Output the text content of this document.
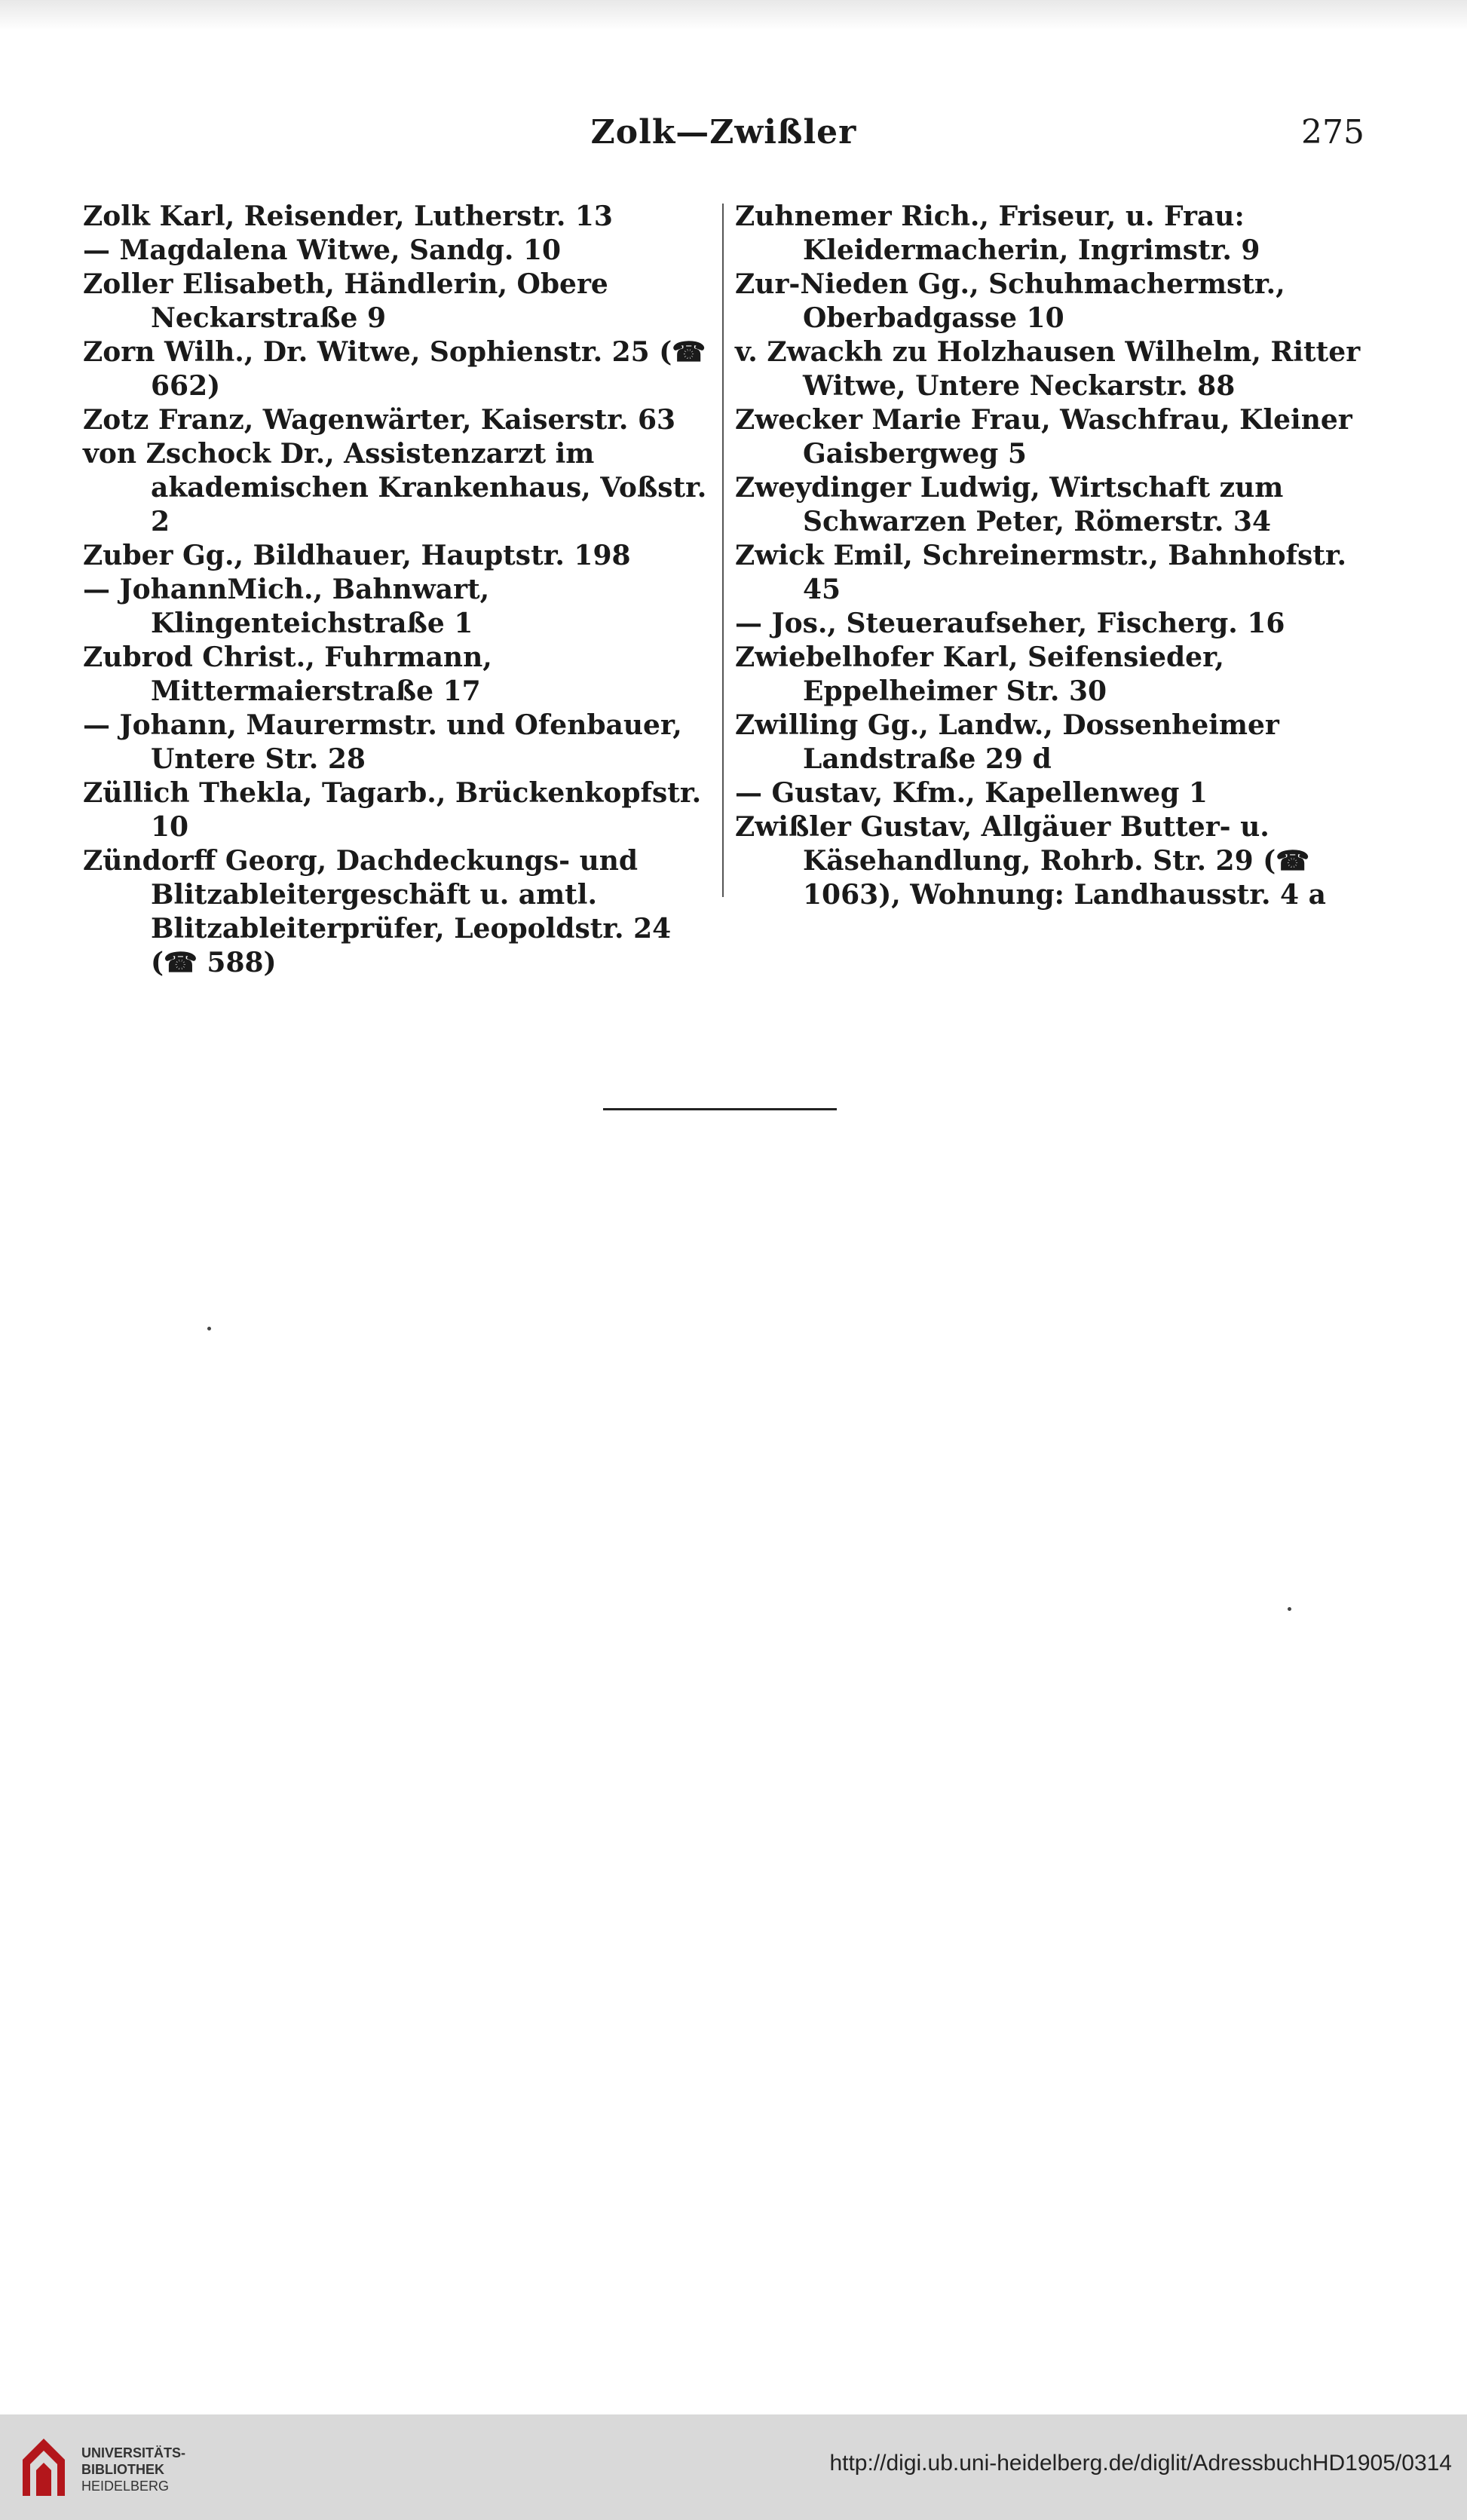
Zolk—Zwißler	275

Zolk Karl, Reisender, Lutherstr. 13

— Magdalena Witwe, Sandg. 10

Zoller Elisabeth, Händlerin, Obere Neckarstraße 9

Zorn Wilh., Dr. Witwe, Sophienstr. 25 (☎ 662)

Zotz Franz, Wagenwärter, Kaiserstr. 63

von Zschock Dr., Assistenzarzt im akademischen Krankenhaus, Voßstr. 2

Zuber Gg., Bildhauer, Hauptstr. 198

— JohannMich., Bahnwart, Klingenteichstraße 1

Zubrod Christ., Fuhrmann, Mittermaierstraße 17

— Johann, Maurermstr. und Ofenbauer, Untere Str. 28

Züllich Thekla, Tagarb., Brückenkopfstr. 10

Zündorff Georg, Dachdeckungs- und Blitzableitergeschäft u. amtl. Blitzableiterprüfer, Leopoldstr. 24 (☎ 588)

Zuhnemer Rich., Friseur, u. Frau: Kleidermacherin, Ingrimstr. 9

Zur-Nieden Gg., Schuhmachermstr., Oberbadgasse 10

v. Zwackh zu Holzhausen Wilhelm, Ritter Witwe, Untere Neckarstr. 88

Zwecker Marie Frau, Waschfrau, Kleiner Gaisbergweg 5

Zweydinger Ludwig, Wirtschaft zum Schwarzen Peter, Römerstr. 34

Zwick Emil, Schreinermstr., Bahnhofstr. 45

— Jos., Steueraufseher, Fischerg. 16

Zwiebelhofer Karl, Seifensieder, Eppelheimer Str. 30

Zwilling Gg., Landw., Dossenheimer Landstraße 29 d

— Gustav, Kfm., Kapellenweg 1

Zwißler Gustav, Allgäuer Butter- u. Käsehandlung, Rohrb. Str. 29 (☎ 1063), Wohnung: Landhausstr. 4 a

UNIVERSITÄTS-
BIBLIOTHEK
HEIDELBERG
http://digi.ub.uni-heidelberg.de/diglit/AdressbuchHD1905/0314
